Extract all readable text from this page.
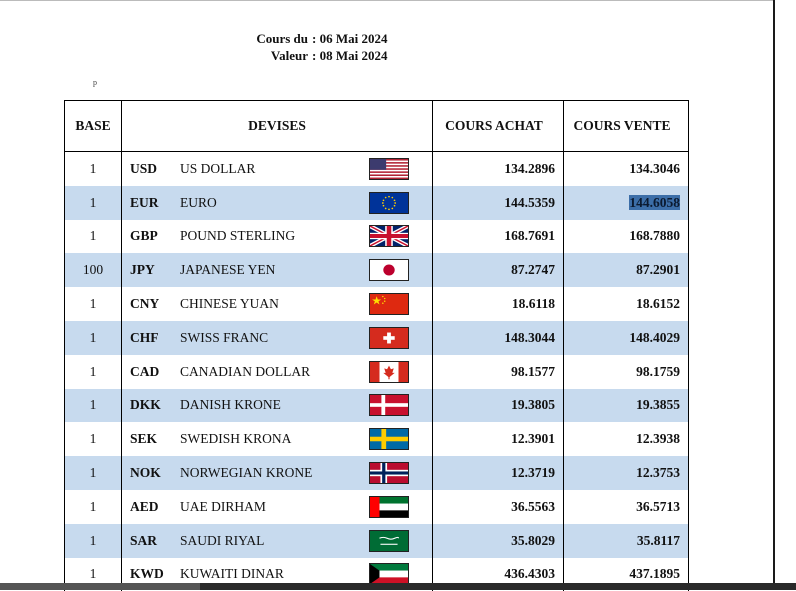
Cours du : 06 Mai 2024
Valeur : 08 Mai 2024
p
BASE	DEVISES	COURS ACHAT	COURS VENTE
1	USD US DOLLAR	134.2896	134.3046
1	EUR EURO	144.5359	144.6058
1	GBP POUND STERLING	168.7691	168.7880
100	JPY JAPANESE YEN	87.2747	87.2901
1	CNY CHINESE YUAN	18.6118	18.6152
1	CHF SWISS FRANC	148.3044	148.4029
1	CAD CANADIAN DOLLAR	98.1577	98.1759
1	DKK DANISH KRONE	19.3805	19.3855
1	SEK SWEDISH KRONA	12.3901	12.3938
1	NOK NORWEGIAN KRONE	12.3719	12.3753
1	AED UAE DIRHAM	36.5563	36.5713
1	SAR SAUDI RIYAL	35.8029	35.8117
1	KWD KUWAITI DINAR	436.4303	437.1895
